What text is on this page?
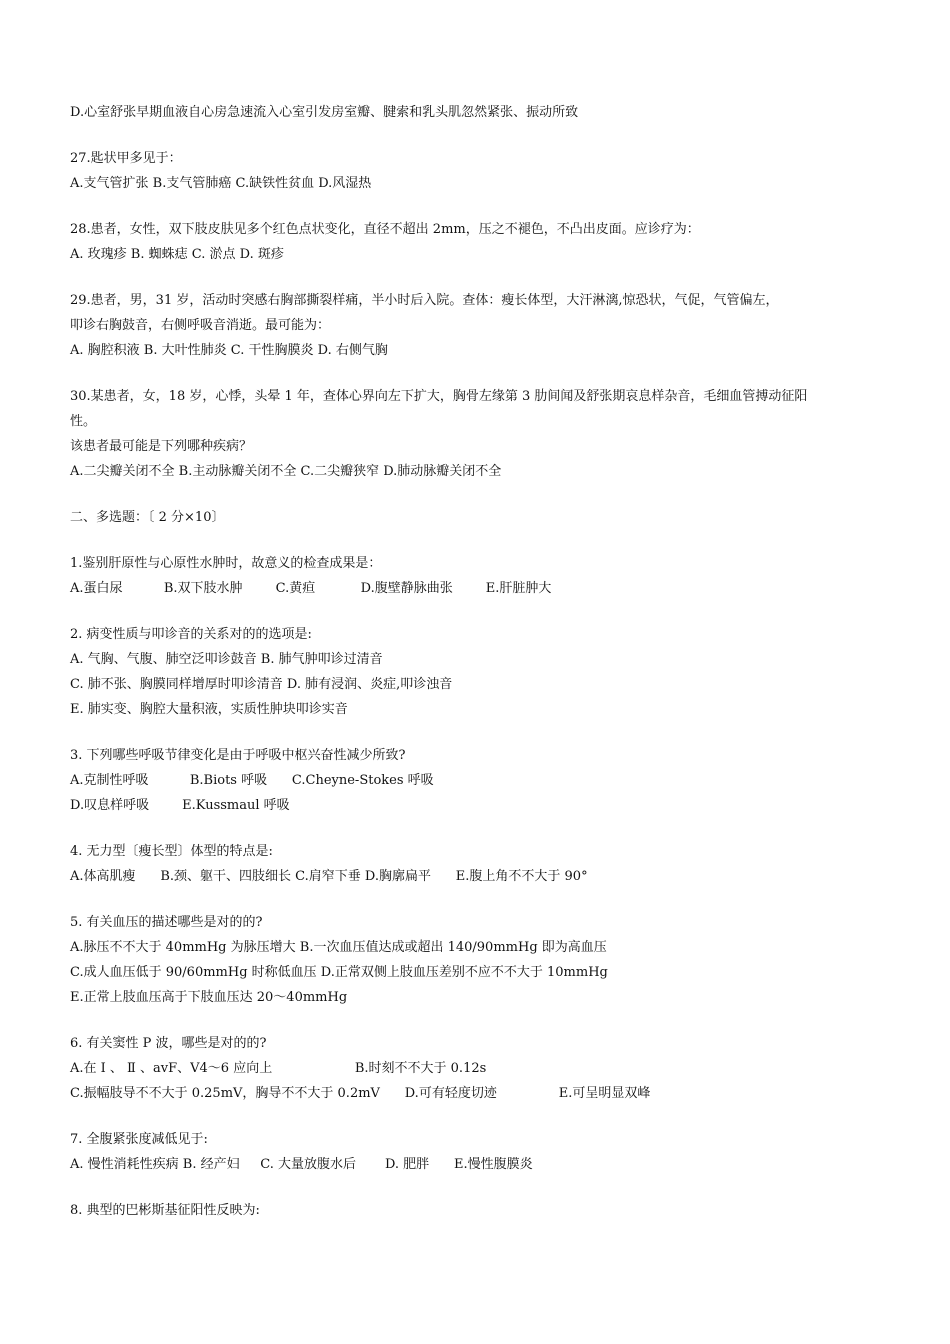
D.心室舒张早期血液自心房急速流入心室引发房室瓣、腱索和乳头肌忽然紧张、振动所致
27.匙状甲多见于：
A.支气管扩张 B.支气管肺癌 C.缺铁性贫血 D.风湿热
28.患者，女性，双下肢皮肤见多个红色点状变化，直径不超出 2mm，压之不褪色，不凸出皮面。应诊疗为：
A. 玫瑰疹 B. 蜘蛛痣 C. 淤点 D. 斑疹
29.患者，男，31 岁，活动时突感右胸部撕裂样痛，半小时后入院。查体：瘦长体型，大汗淋漓,惊恐状，气促，气管偏左，
叩诊右胸鼓音，右侧呼吸音消逝。最可能为：
A. 胸腔积液 B. 大叶性肺炎 C. 干性胸膜炎 D. 右侧气胸
30.某患者，女，18 岁，心悸，头晕 1 年，查体心界向左下扩大，胸骨左缘第 3 肋间闻及舒张期哀息样杂音，毛细血管搏动征阳
性。
该患者最可能是下列哪种疾病？
A.二尖瓣关闭不全 B.主动脉瓣关闭不全 C.二尖瓣狭窄 D.肺动脉瓣关闭不全
二、多选题：〔 2 分×10〕
1.鉴别肝原性与心原性水肿时，故意义的检查成果是：
A.蛋白尿          B.双下肢水肿        C.黄疸           D.腹壁静脉曲张        E.肝脏肿大
2. 病变性质与叩诊音的关系对的的选项是:
A. 气胸、气腹、肺空泛叩诊鼓音 B. 肺气肿叩诊过清音
C. 肺不张、胸膜同样增厚时叩诊清音 D. 肺有浸润、炎症,叩诊浊音
E. 肺实变、胸腔大量积液，实质性肿块叩诊实音
3. 下列哪些呼吸节律变化是由于呼吸中枢兴奋性减少所致?
A.克制性呼吸          B.Biots 呼吸      C.Cheyne-Stokes 呼吸
D.叹息样呼吸        E.Kussmaul 呼吸
4. 无力型〔瘦长型〕体型的特点是:
A.体高肌瘦      B.颈、躯干、四肢细长 C.肩窄下垂 D.胸廓扁平      E.腹上角不不大于 90°
5. 有关血压的描述哪些是对的的?
A.脉压不不大于 40mmHg 为脉压增大 B.一次血压值达成或超出 140/90mmHg 即为高血压
C.成人血压低于 90/60mmHg 时称低血压 D.正常双侧上肢血压差别不应不不大于 10mmHg
E.正常上肢血压高于下肢血压达 20～40mmHg
6. 有关窦性 P 波，哪些是对的的?
A.在 Ⅰ 、 Ⅱ 、avF、V4～6 应向上                    B.时刻不不大于 0.12s
C.振幅肢导不不大于 0.25mV，胸导不不大于 0.2mV      D.可有轻度切迹               E.可呈明显双峰
7. 全腹紧张度减低见于:
A. 慢性消耗性疾病 B. 经产妇     C. 大量放腹水后       D. 肥胖      E.慢性腹膜炎
8. 典型的巴彬斯基征阳性反映为:
